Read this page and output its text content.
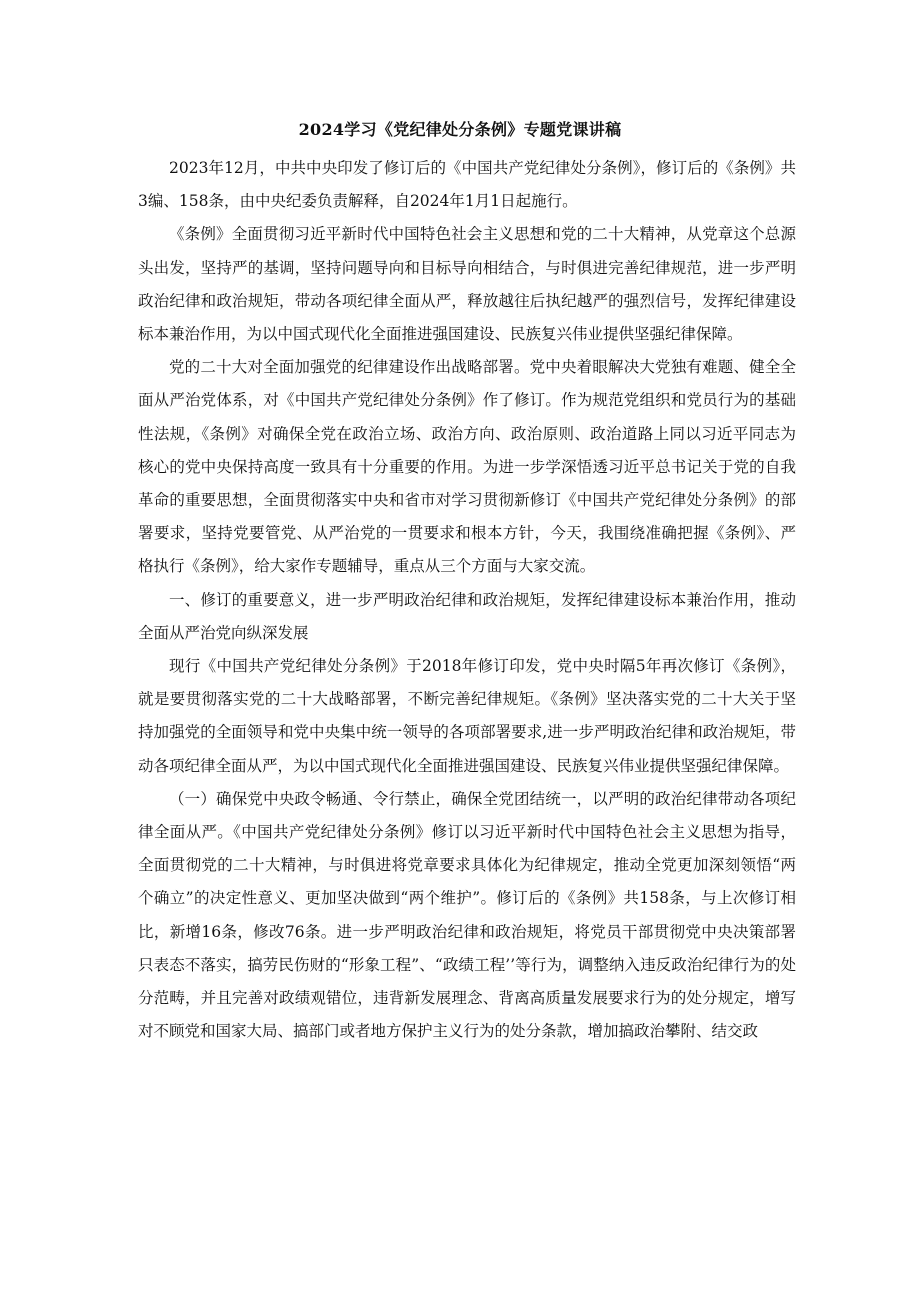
2024学习《党纪律处分条例》专题党课讲稿

2023年12月，中共中央印发了修订后的《中国共产党纪律处分条例》，修订后的《条例》共3编、158条，由中央纪委负责解释，自2024年1月1日起施行。

《条例》全面贯彻习近平新时代中国特色社会主义思想和党的二十大精神，从党章这个总源头出发，坚持严的基调，坚持问题导向和目标导向相结合，与时俱进完善纪律规范，进一步严明政治纪律和政治规矩，带动各项纪律全面从严，释放越往后执纪越严的强烈信号，发挥纪律建设标本兼治作用，为以中国式现代化全面推进强国建设、民族复兴伟业提供坚强纪律保障。

党的二十大对全面加强党的纪律建设作出战略部署。党中央着眼解决大党独有难题、健全全面从严治党体系，对《中国共产党纪律处分条例》作了修订。作为规范党组织和党员行为的基础性法规，《条例》对确保全党在政治立场、政治方向、政治原则、政治道路上同以习近平同志为核心的党中央保持高度一致具有十分重要的作用。为进一步学深悟透习近平总书记关于党的自我革命的重要思想，全面贯彻落实中央和省市对学习贯彻新修订《中国共产党纪律处分条例》的部署要求，坚持党要管党、从严治党的一贯要求和根本方针，今天，我围绕准确把握《条例》、严格执行《条例》，给大家作专题辅导，重点从三个方面与大家交流。

一、修订的重要意义，进一步严明政治纪律和政治规矩，发挥纪律建设标本兼治作用，推动全面从严治党向纵深发展

现行《中国共产党纪律处分条例》于2018年修订印发，党中央时隔5年再次修订《条例》，就是要贯彻落实党的二十大战略部署，不断完善纪律规矩。《条例》坚决落实党的二十大关于坚持加强党的全面领导和党中央集中统一领导的各项部署要求,进一步严明政治纪律和政治规矩，带动各项纪律全面从严，为以中国式现代化全面推进强国建设、民族复兴伟业提供坚强纪律保障。

（一）确保党中央政令畅通、令行禁止，确保全党团结统一，以严明的政治纪律带动各项纪律全面从严。《中国共产党纪律处分条例》修订以习近平新时代中国特色社会主义思想为指导，全面贯彻党的二十大精神，与时俱进将党章要求具体化为纪律规定，推动全党更加深刻领悟“两个确立”的决定性意义、更加坚决做到“两个维护”。修订后的《条例》共158条，与上次修订相比，新增16条，修改76条。进一步严明政治纪律和政治规矩，将党员干部贯彻党中央决策部署只表态不落实，搞劳民伤财的“形象工程”、“政绩工程’’等行为，调整纳入违反政治纪律行为的处分范畴，并且完善对政绩观错位，违背新发展理念、背离高质量发展要求行为的处分规定，增写对不顾党和国家大局、搞部门或者地方保护主义行为的处分条款，增加搞政治攀附、结交政
